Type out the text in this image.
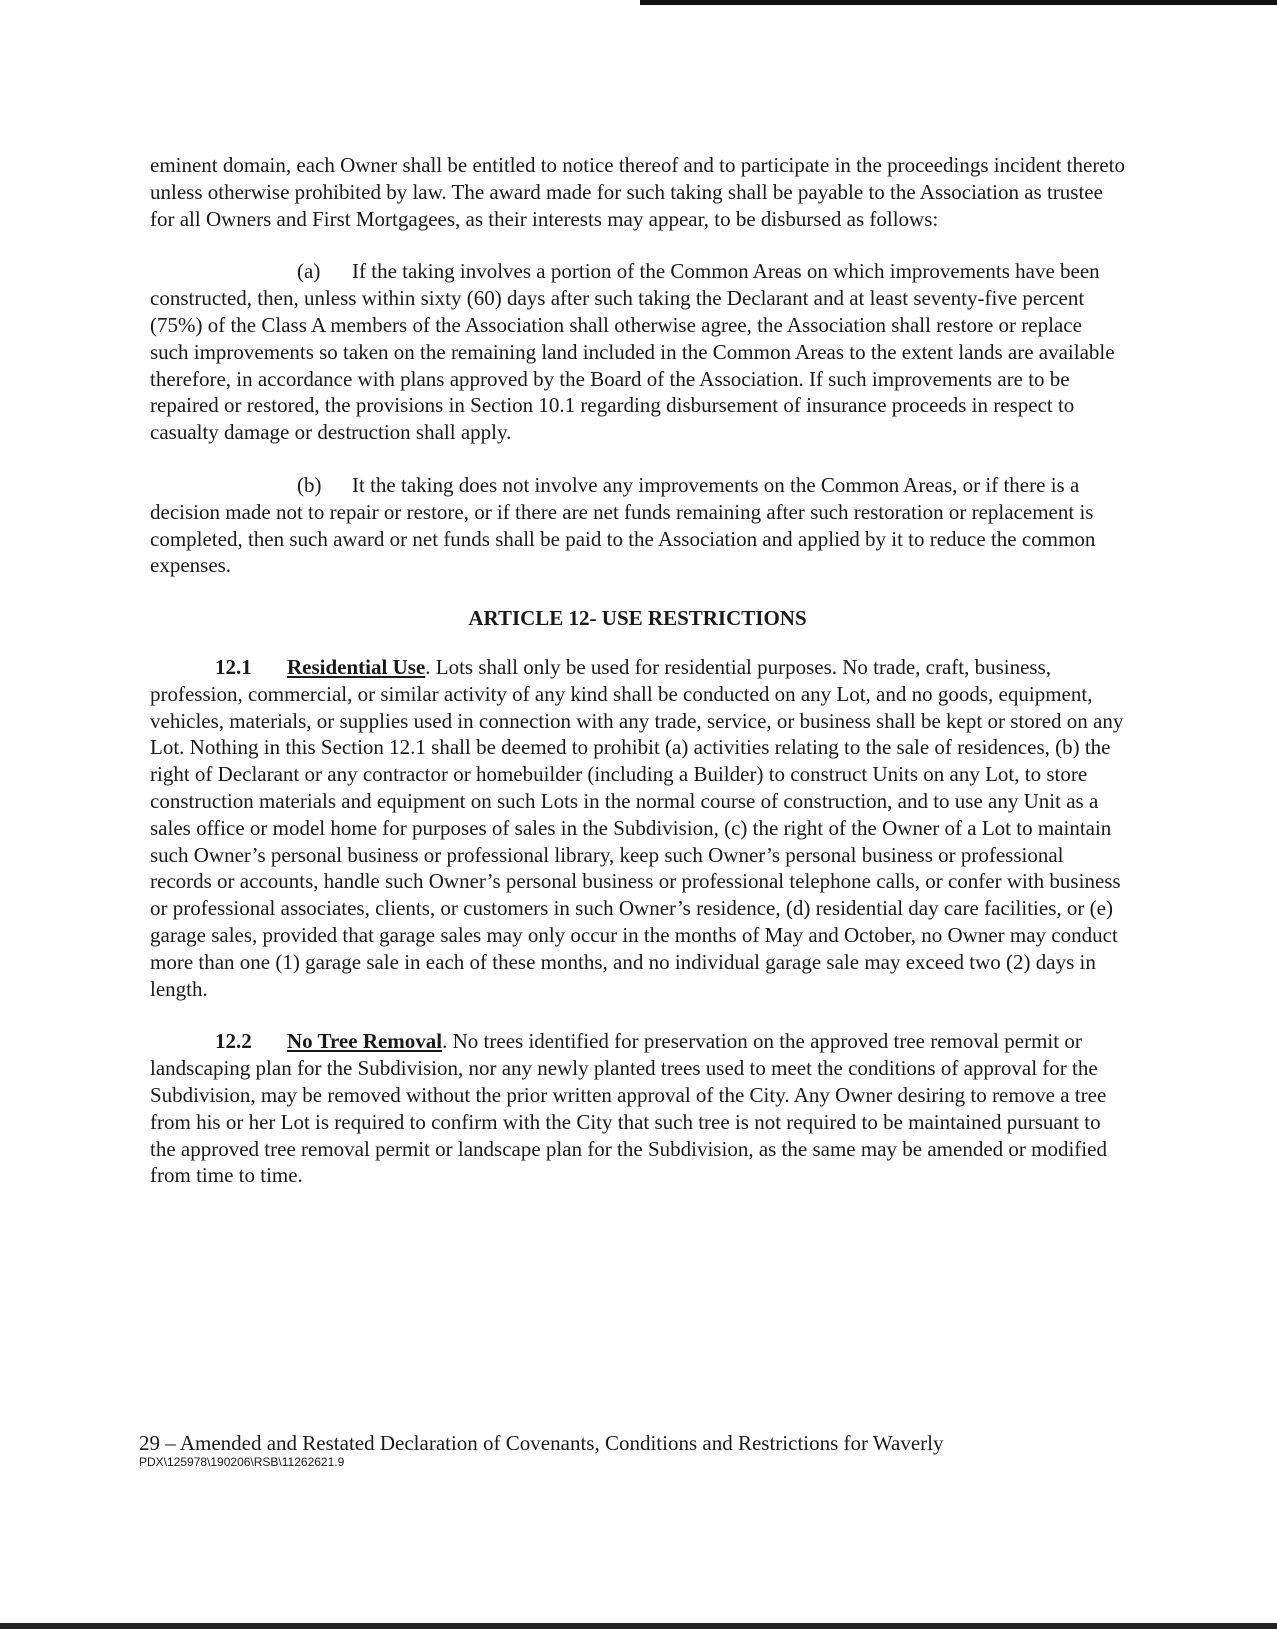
eminent domain, each Owner shall be entitled to notice thereof and to participate in the proceedings incident thereto unless otherwise prohibited by law. The award made for such taking shall be payable to the Association as trustee for all Owners and First Mortgagees, as their interests may appear, to be disbursed as follows:

(a) If the taking involves a portion of the Common Areas on which improvements have been constructed, then, unless within sixty (60) days after such taking the Declarant and at least seventy-five percent (75%) of the Class A members of the Association shall otherwise agree, the Association shall restore or replace such improvements so taken on the remaining land included in the Common Areas to the extent lands are available therefore, in accordance with plans approved by the Board of the Association. If such improvements are to be repaired or restored, the provisions in Section 10.1 regarding disbursement of insurance proceeds in respect to casualty damage or destruction shall apply.

(b) It the taking does not involve any improvements on the Common Areas, or if there is a decision made not to repair or restore, or if there are net funds remaining after such restoration or replacement is completed, then such award or net funds shall be paid to the Association and applied by it to reduce the common expenses.

ARTICLE 12- USE RESTRICTIONS

12.1 Residential Use. Lots shall only be used for residential purposes. No trade, craft, business, profession, commercial, or similar activity of any kind shall be conducted on any Lot, and no goods, equipment, vehicles, materials, or supplies used in connection with any trade, service, or business shall be kept or stored on any Lot. Nothing in this Section 12.1 shall be deemed to prohibit (a) activities relating to the sale of residences, (b) the right of Declarant or any contractor or homebuilder (including a Builder) to construct Units on any Lot, to store construction materials and equipment on such Lots in the normal course of construction, and to use any Unit as a sales office or model home for purposes of sales in the Subdivision, (c) the right of the Owner of a Lot to maintain such Owner’s personal business or professional library, keep such Owner’s personal business or professional records or accounts, handle such Owner’s personal business or professional telephone calls, or confer with business or professional associates, clients, or customers in such Owner’s residence, (d) residential day care facilities, or (e) garage sales, provided that garage sales may only occur in the months of May and October, no Owner may conduct more than one (1) garage sale in each of these months, and no individual garage sale may exceed two (2) days in length.

12.2 No Tree Removal. No trees identified for preservation on the approved tree removal permit or landscaping plan for the Subdivision, nor any newly planted trees used to meet the conditions of approval for the Subdivision, may be removed without the prior written approval of the City. Any Owner desiring to remove a tree from his or her Lot is required to confirm with the City that such tree is not required to be maintained pursuant to the approved tree removal permit or landscape plan for the Subdivision, as the same may be amended or modified from time to time.

29 – Amended and Restated Declaration of Covenants, Conditions and Restrictions for Waverly
PDX\125978\190206\RSB\11262621.9
